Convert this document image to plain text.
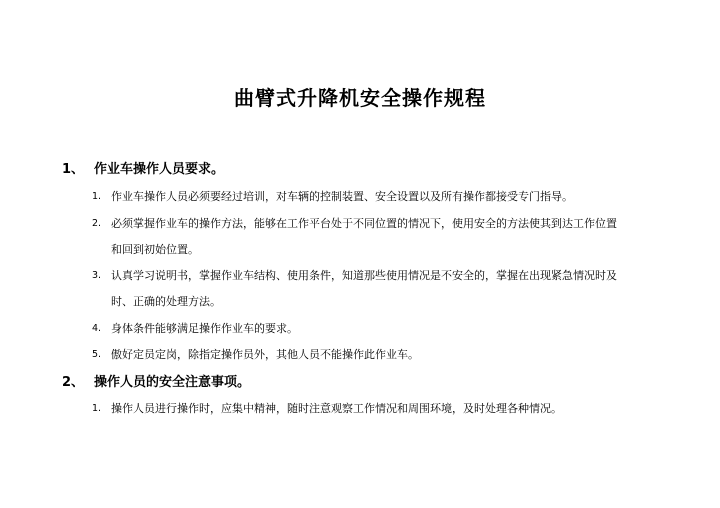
曲臂式升降机安全操作规程
1、 作业车操作人员要求。
1. 作业车操作人员必须要经过培训，对车辆的控制装置、安全设置以及所有操作都接受专门指导。
2. 必须掌握作业车的操作方法，能够在工作平台处于不同位置的情况下，使用安全的方法使其到达工作位置
和回到初始位置。
3. 认真学习说明书，掌握作业车结构、使用条件，知道那些使用情况是不安全的，掌握在出现紧急情况时及
时、正确的处理方法。
4. 身体条件能够满足操作作业车的要求。
5. 傲好定员定岗，除指定操作员外，其他人员不能操作此作业车。
2、 操作人员的安全注意事项。
1. 操作人员进行操作时，应集中精神，随时注意观察工作情况和周围环境，及时处理各种情况。
